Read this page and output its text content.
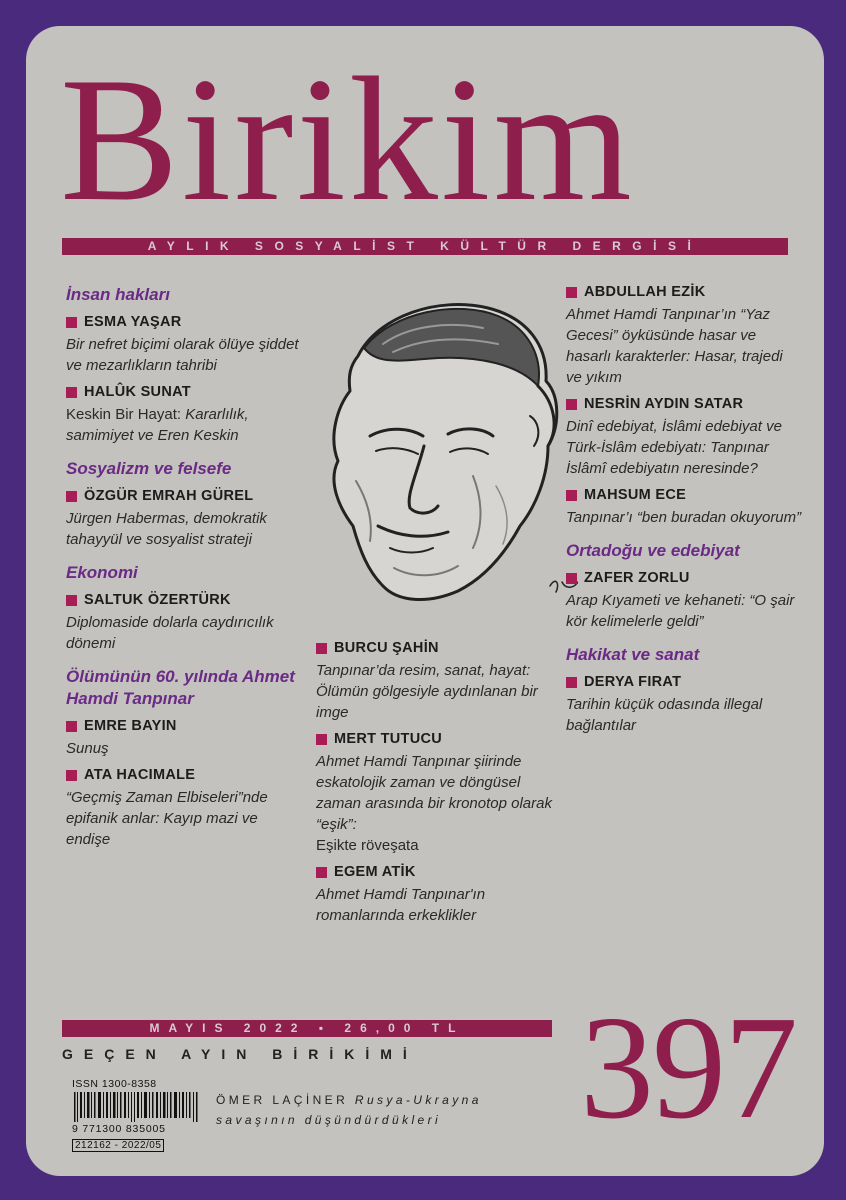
Birikim
AYLIK SOSYALİST KÜLTÜR DERGİSİ
İnsan hakları
ESMA YAŞAR
Bir nefret biçimi olarak ölüye şiddet ve mezarlıkların tahribi
HALÛK SUNAT
Keskin Bir Hayat: Kararlılık, samimiyet ve Eren Keskin
Sosyalizm ve felsefe
ÖZGÜR EMRAH GÜREL
Jürgen Habermas, demokratik tahayyül ve sosyalist strateji
Ekonomi
SALTUK ÖZERTÜRK
Diplomaside dolarla caydırıcılık dönemi
Ölümünün 60. yılında Ahmet Hamdi Tanpınar
EMRE BAYIN
Sunuş
ATA HACIMALE
“Geçmiş Zaman Elbiseleri”nde epifanik anlar: Kayıp mazi ve endişe
BURCU ŞAHİN
Tanpınar’da resim, sanat, hayat: Ölümün gölgesiyle aydınlanan bir imge
MERT TUTUCU
Ahmet Hamdi Tanpınar şiirinde eskatolojik zaman ve döngüsel zaman arasında bir kronotop olarak “eşik”:
Eşikte röveşata
EGEM ATİK
Ahmet Hamdi Tanpınar'ın romanlarında erkeklikler
ABDULLAH EZİK
Ahmet Hamdi Tanpınar’ın “Yaz Gecesi” öyküsünde hasar ve hasarlı karakterler: Hasar, trajedi ve yıkım
NESRİN AYDIN SATAR
Dinî edebiyat, İslâmi edebiyat ve Türk-İslâm edebiyatı: Tanpınar İslâmî edebiyatın neresinde?
MAHSUM ECE
Tanpınar’ı “ben buradan okuyorum”
Ortadoğu ve edebiyat
ZAFER ZORLU
Arap Kıyameti ve kehaneti: “O şair kör kelimelerle geldi”
Hakikat ve sanat
DERYA FIRAT
Tarihin küçük odasında illegal bağlantılar
MAYIS 2022 ▪ 26,00 TL
GEÇEN AYIN BİRİKİMİ	397
ISSN 1300-8358
9 771300 835005
212162 - 2022/05
ÖMER LAÇİNER Rusya-Ukrayna savaşının düşündürdükleri
